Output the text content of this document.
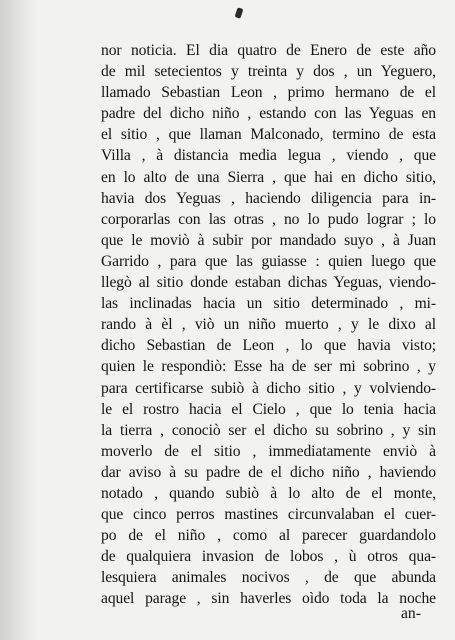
nor noticia. El dia quatro de Enero de este año
de mil setecientos y treinta y dos , un Yeguero,
llamado Sebastian Leon , primo hermano de el
padre del dicho niño , estando con las Yeguas en
el sitio , que llaman Malconado, termino de esta
Villa , à distancia media legua , viendo , que
en lo alto de una Sierra , que hai en dicho sitio,
havia dos Yeguas , haciendo diligencia para in-
corporarlas con las otras , no lo pudo lograr ; lo
que le moviò à subir por mandado suyo , à Juan
Garrido , para que las guiasse : quien luego que
llegò al sitio donde estaban dichas Yeguas, viendo-
las inclinadas hacia un sitio determinado , mi-
rando à èl , viò un niño muerto , y le dixo al
dicho Sebastian de Leon , lo que havia visto;
quien le respondiò: Esse ha de ser mi sobrino , y
para certificarse subiò à dicho sitio , y volviendo-
le el rostro hacia el Cielo , que lo tenia hacia
la tierra , conociò ser el dicho su sobrino , y sin
moverlo de el sitio , immediatamente enviò à
dar aviso à su padre de el dicho niño , haviendo
notado , quando subiò à lo alto de el monte,
que cinco perros mastines circunvalaban el cuer-
po de el niño , como al parecer guardandolo
de qualquiera invasion de lobos , ù otros qua-
lesquiera animales nocivos , de que abunda
aquel parage , sin haverles oìdo toda la noche
an-
